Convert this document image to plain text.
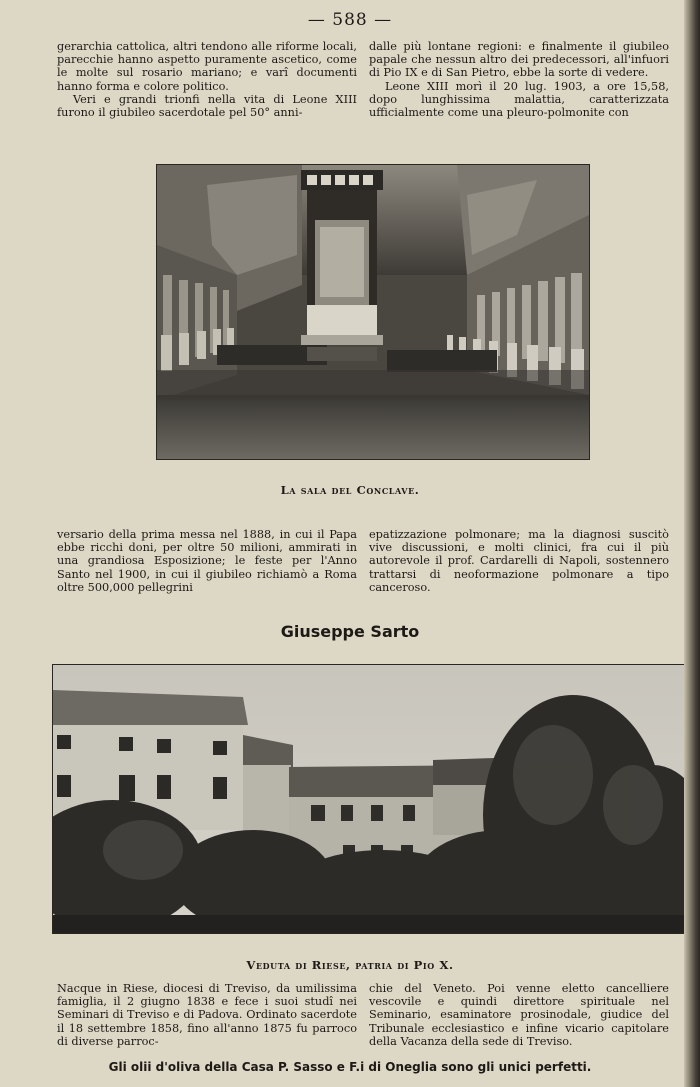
— 588 —

gerarchia cattolica, altri tendono alle riforme locali, parecchie hanno aspetto puramente ascetico, come le molte sul rosario mariano; e varî documenti hanno forma e colore politico.

Veri e grandi trionfi nella vita di Leone XIII furono il giubileo sacerdotale pel 50° anni-

dalle più lontane regioni: e finalmente il giubileo papale che nessun altro dei predecessori, all'infuori di Pio IX e di San Pietro, ebbe la sorte di vedere.

Leone XIII morì il 20 lug. 1903, a ore 15,58, dopo lunghissima malattia, caratterizzata ufficialmente come una pleuro-polmonite con

La sala del Conclave.

versario della prima messa nel 1888, in cui il Papa ebbe ricchi doni, per oltre 50 milioni, ammirati in una grandiosa Esposizione; le feste per l'Anno Santo nel 1900, in cui il giubileo richiamò a Roma oltre 500,000 pellegrini

epatizzazione polmonare; ma la diagnosi suscitò vive discussioni, e molti clinici, fra cui il più autorevole il prof. Cardarelli di Napoli, sostennero trattarsi di neoformazione polmonare a tipo canceroso.

Giuseppe Sarto
Veduta di Riese, patria di Pio X.

Nacque in Riese, diocesi di Treviso, da umilissima famiglia, il 2 giugno 1838 e fece i suoi studî nei Seminari di Treviso e di Padova. Ordinato sacerdote il 18 settembre 1858, fino all'anno 1875 fu parroco di diverse parroc-

chie del Veneto. Poi venne eletto cancelliere vescovile e quindi direttore spirituale nel Seminario, esaminatore prosinodale, giudice del Tribunale ecclesiastico e infine vicario capitolare della Vacanza della sede di Treviso.

Gli olii d'oliva della Casa P. Sasso e F.i di Oneglia sono gli unici perfetti.
